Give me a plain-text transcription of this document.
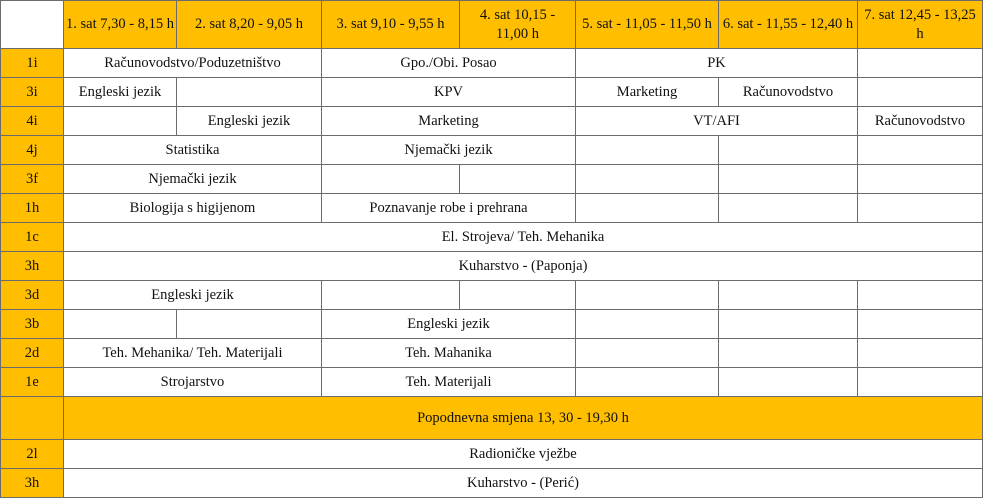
	1. sat 7,30 - 8,15 h	2. sat 8,20 - 9,05 h	3. sat 9,10 - 9,55 h	4. sat 10,15 - 11,00 h	5. sat - 11,05 - 11,50 h	6. sat - 11,55 - 12,40 h	7. sat 12,45 - 13,25 h
1i	Računovodstvo/Poduzetništvo		Gpo./Obi. Posao		PK		
3i	Engleski jezik		KPV		Marketing	Računovodstvo	
4i		Engleski jezik	Marketing		VT/AFI		Računovodstvo
4j	Statistika		Njemački jezik				
3f	Njemački jezik						
1h	Biologija s higijenom		Poznavanje robe i prehrana				
1c	El. Strojeva/ Teh. Mehanika						
3h	Kuharstvo - (Paponja)						
3d	Engleski jezik						
3b			Engleski jezik				
2d	Teh. Mehanika/ Teh. Materijali		Teh. Mahanika				
1e	Strojarstvo		Teh. Materijali				
	Popodnevna smjena 13, 30 - 19,30 h						
2l	Radioničke vježbe						
3h	Kuharstvo - (Perić)						
